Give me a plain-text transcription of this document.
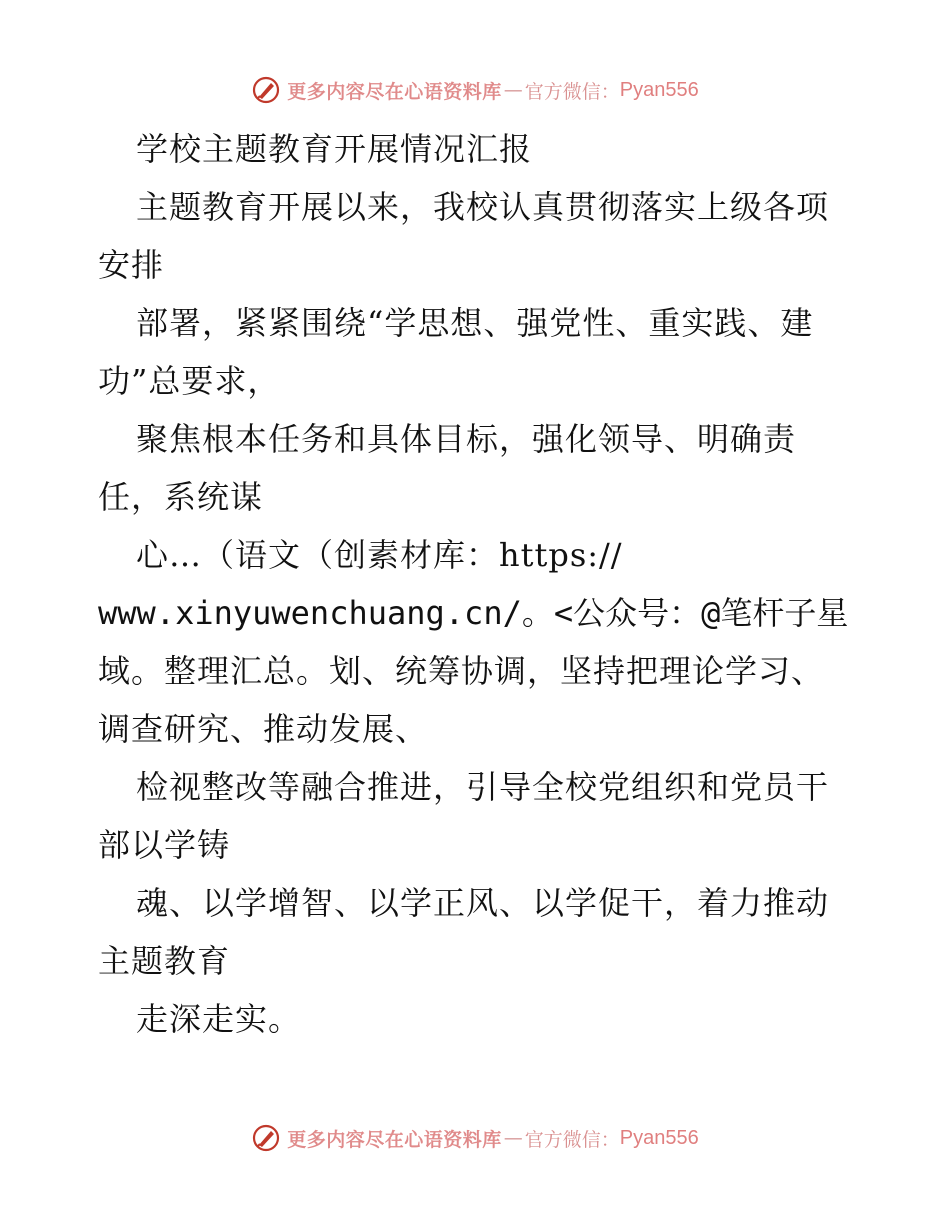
更多内容尽在心语资料库 — 官方微信： Pyan556
学校主题教育开展情况汇报
主题教育开展以来，我校认真贯彻落实上级各项
安排
部署，紧紧围绕“学思想、强党性、重实践、建
功”总要求，
聚焦根本任务和具体目标，强化领导、明确责
任，系统谋
心…（语文（创素材库：https://
www.xinyuwenchuang.cn/。<公众号：@笔杆子星
域。整理汇总。划、统筹协调，坚持把理论学习、
调查研究、推动发展、
检视整改等融合推进，引导全校党组织和党员干
部以学铸
魂、以学增智、以学正风、以学促干，着力推动
主题教育
走深走实。
更多内容尽在心语资料库 — 官方微信： Pyan556
